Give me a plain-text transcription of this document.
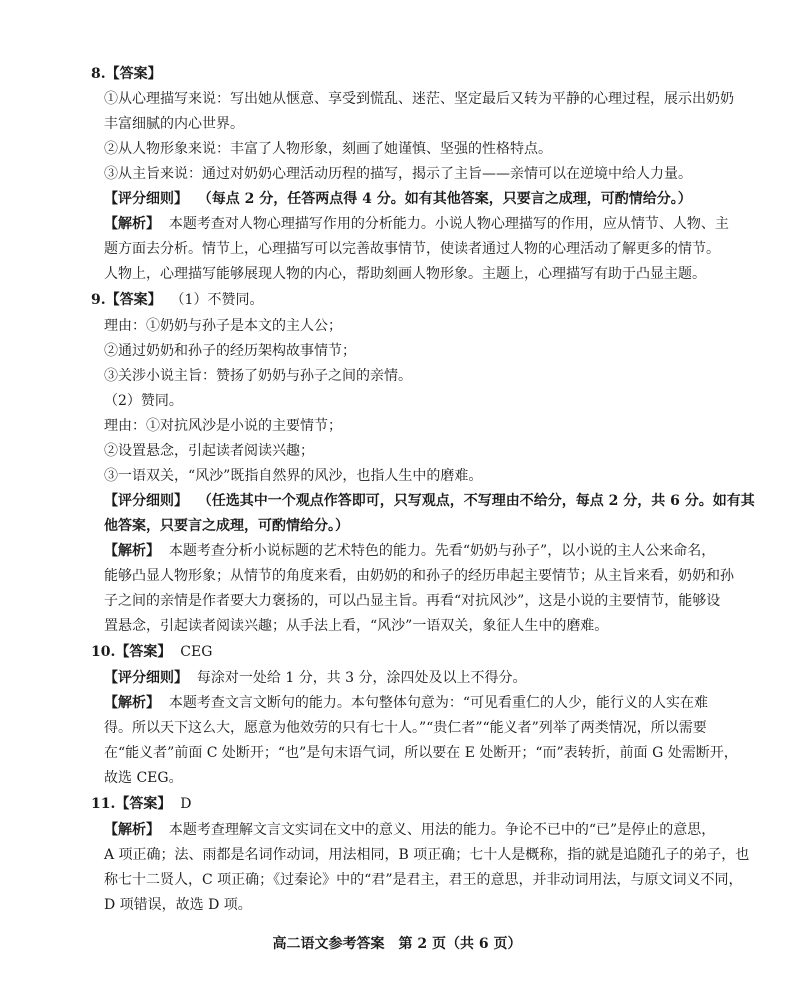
8.【答案】
①从心理描写来说：写出她从惬意、享受到慌乱、迷茫、坚定最后又转为平静的心理过程，展示出奶奶
丰富细腻的内心世界。
②从人物形象来说：丰富了人物形象，刻画了她谨慎、坚强的性格特点。
③从主旨来说：通过对奶奶心理活动历程的描写，揭示了主旨——亲情可以在逆境中给人力量。
【评分细则】 （每点 2 分，任答两点得 4 分。如有其他答案，只要言之成理，可酌情给分。）
【解析】 本题考查对人物心理描写作用的分析能力。小说人物心理描写的作用，应从情节、人物、主
题方面去分析。情节上，心理描写可以完善故事情节，使读者通过人物的心理活动了解更多的情节。
人物上，心理描写能够展现人物的内心，帮助刻画人物形象。主题上，心理描写有助于凸显主题。
9.【答案】 （1）不赞同。
理由：①奶奶与孙子是本文的主人公；
②通过奶奶和孙子的经历架构故事情节；
③关涉小说主旨：赞扬了奶奶与孙子之间的亲情。
（2）赞同。
理由：①对抗风沙是小说的主要情节；
②设置悬念，引起读者阅读兴趣；
③一语双关，“风沙”既指自然界的风沙，也指人生中的磨难。
【评分细则】 （任选其中一个观点作答即可，只写观点，不写理由不给分，每点 2 分，共 6 分。如有其
他答案，只要言之成理，可酌情给分。）
【解析】 本题考查分析小说标题的艺术特色的能力。先看“奶奶与孙子”，以小说的主人公来命名，
能够凸显人物形象；从情节的角度来看，由奶奶的和孙子的经历串起主要情节；从主旨来看，奶奶和孙
子之间的亲情是作者要大力褒扬的，可以凸显主旨。再看“对抗风沙”，这是小说的主要情节，能够设
置悬念，引起读者阅读兴趣；从手法上看，“风沙”一语双关，象征人生中的磨难。
10.【答案】 CEG
【评分细则】 每涂对一处给 1 分，共 3 分，涂四处及以上不得分。
【解析】 本题考查文言文断句的能力。本句整体句意为：“可见看重仁的人少，能行义的人实在难
得。所以天下这么大，愿意为他效劳的只有七十人。”“贵仁者”“能义者”列举了两类情况，所以需要
在“能义者”前面 C 处断开；“也”是句末语气词，所以要在 E 处断开；“而”表转折，前面 G 处需断开，
故选 CEG。
11.【答案】 D
【解析】 本题考查理解文言文实词在文中的意义、用法的能力。争论不已中的“已”是停止的意思，
A 项正确；法、雨都是名词作动词，用法相同，B 项正确；七十人是概称，指的就是追随孔子的弟子，也
称七十二贤人，C 项正确；《过秦论》中的“君”是君主，君王的意思，并非动词用法，与原文词义不同，
D 项错误，故选 D 项。
高二语文参考答案　第 2 页（共 6 页）
